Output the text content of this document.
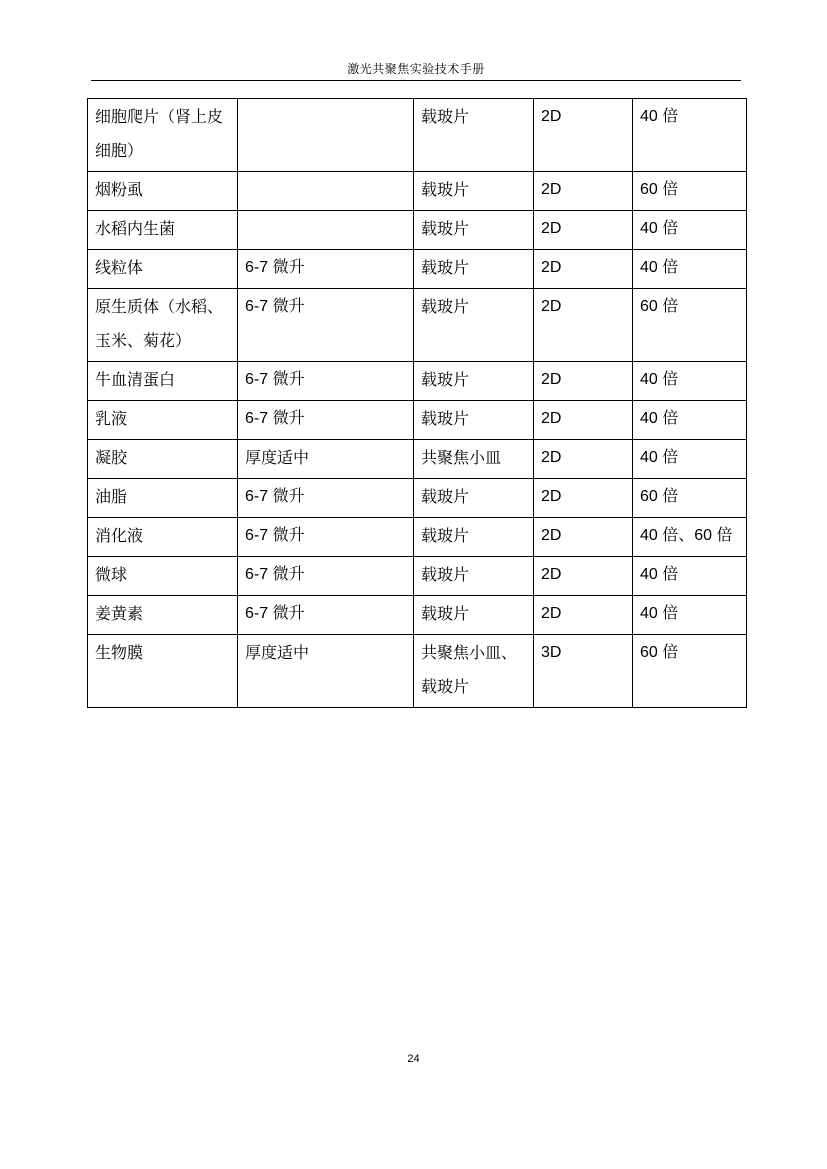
激光共聚焦实验技术手册
细胞爬片（肾上皮细胞）		载玻片	2D	40 倍

烟粉虱		载玻片	2D	60 倍

水稻内生菌		载玻片	2D	40 倍

线粒体	6-7 微升	载玻片	2D	40 倍

原生质体（水稻、玉米、菊花）	6-7 微升	载玻片	2D	60 倍

牛血清蛋白	6-7 微升	载玻片	2D	40 倍

乳液	6-7 微升	载玻片	2D	40 倍

凝胶	厚度适中	共聚焦小皿	2D	40 倍

油脂	6-7 微升	载玻片	2D	60 倍

消化液	6-7 微升	载玻片	2D	40 倍、60 倍

微球	6-7 微升	载玻片	2D	40 倍

姜黄素	6-7 微升	载玻片	2D	40 倍

生物膜	厚度适中	共聚焦小皿、载玻片	3D	60 倍
24
